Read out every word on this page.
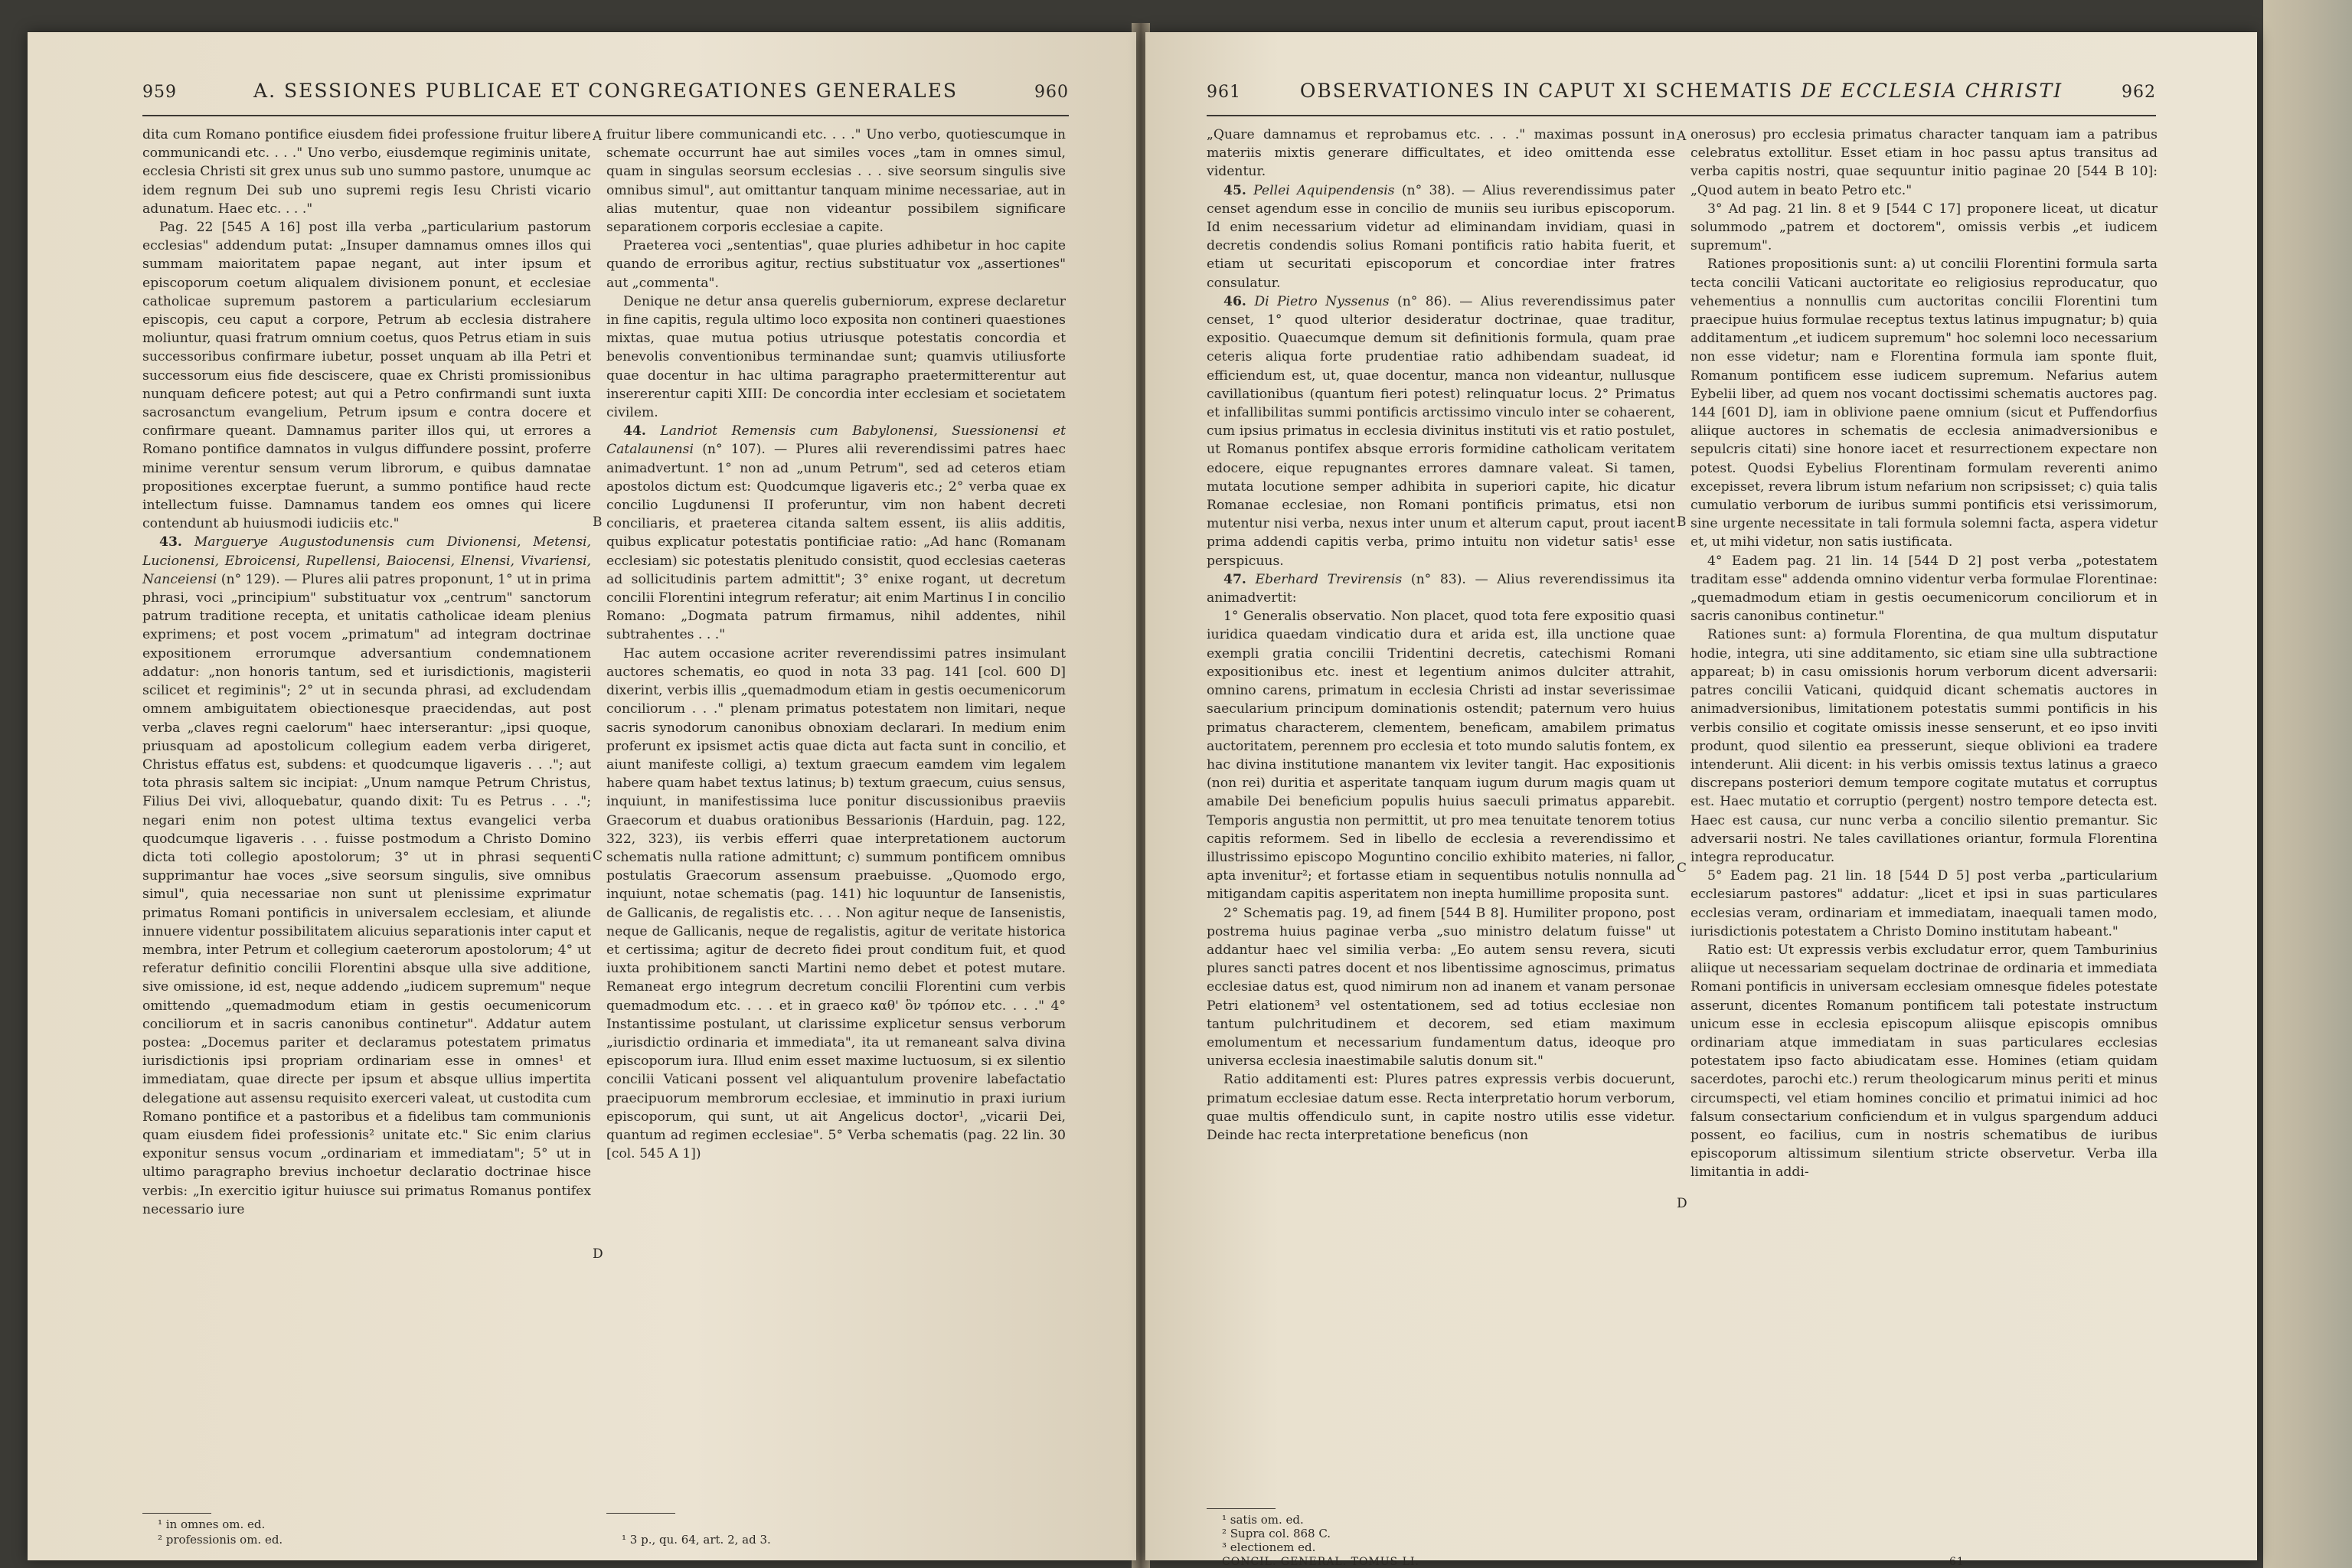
959	A. SESSIONES PUBLICAE ET CONGREGATIONES GENERALES	960

dita cum Romano pontifice eiusdem fidei professione fruitur libere communicandi etc. . . ." Uno verbo, eiusdemque regiminis unitate, ecclesia Christi sit grex unus sub uno summo pastore, unumque ac idem regnum Dei sub uno supremi regis Iesu Christi vicario adunatum. Haec etc. . . ."

Pag. 22 [545 A 16] post illa verba „particularium pastorum ecclesias" addendum putat: „Insuper damnamus omnes illos qui summam maioritatem papae negant, aut inter ipsum et episcoporum coetum aliqualem divisionem ponunt, et ecclesiae catholicae supremum pastorem a particularium ecclesiarum episcopis, ceu caput a corpore, Petrum ab ecclesia distrahere moliuntur, quasi fratrum omnium coetus, quos Petrus etiam in suis successoribus confirmare iubetur, posset unquam ab illa Petri et successorum eius fide desciscere, quae ex Christi promissionibus nunquam deficere potest; aut qui a Petro confirmandi sunt iuxta sacrosanctum evangelium, Petrum ipsum e contra docere et confirmare queant. Damnamus pariter illos qui, ut errores a Romano pontifice damnatos in vulgus diffundere possint, proferre minime verentur sensum verum librorum, e quibus damnatae propositiones excerptae fuerunt, a summo pontifice haud recte intellectum fuisse. Damnamus tandem eos omnes qui licere contendunt ab huiusmodi iudiciis etc."

43. Marguerye Augustodunensis cum Divionensi, Metensi, Lucionensi, Ebroicensi, Rupellensi, Baiocensi, Elnensi, Vivariensi, Nanceiensi (n° 129). — Plures alii patres proponunt, 1° ut in prima phrasi, voci „principium" substituatur vox „centrum" sanctorum patrum traditione recepta, et unitatis catholicae ideam plenius exprimens; et post vocem „primatum" ad integram doctrinae expositionem errorumque adversantium condemnationem addatur: „non honoris tantum, sed et iurisdictionis, magisterii scilicet et regiminis"; 2° ut in secunda phrasi, ad excludendam omnem ambiguitatem obiectionesque praecidendas, aut post verba „claves regni caelorum" haec interserantur: „ipsi quoque, priusquam ad apostolicum collegium eadem verba dirigeret, Christus effatus est, subdens: et quodcumque ligaveris . . ."; aut tota phrasis saltem sic incipiat: „Unum namque Petrum Christus, Filius Dei vivi, alloquebatur, quando dixit: Tu es Petrus . . ."; negari enim non potest ultima textus evangelici verba quodcumque ligaveris . . . fuisse postmodum a Christo Domino dicta toti collegio apostolorum; 3° ut in phrasi sequenti supprimantur hae voces „sive seorsum singulis, sive omnibus simul", quia necessariae non sunt ut plenissime exprimatur primatus Romani pontificis in universalem ecclesiam, et aliunde innuere videntur possibilitatem alicuius separationis inter caput et membra, inter Petrum et collegium caeterorum apostolorum; 4° ut referatur definitio concilii Florentini absque ulla sive additione, sive omissione, id est, neque addendo „iudicem supremum" neque omittendo „quemadmodum etiam in gestis oecumenicorum conciliorum et in sacris canonibus continetur". Addatur autem postea: „Docemus pariter et declaramus potestatem primatus iurisdictionis ipsi propriam ordinariam esse in omnes¹ et immediatam, quae directe per ipsum et absque ullius impertita delegatione aut assensu requisito exerceri valeat, ut custodita cum Romano pontifice et a pastoribus et a fidelibus tam communionis quam eiusdem fidei professionis² unitate etc." Sic enim clarius exponitur sensus vocum „ordinariam et immediatam"; 5° ut in ultimo paragrapho brevius inchoetur declaratio doctrinae hisce verbis: „In exercitio igitur huiusce sui primatus Romanus pontifex necessario iure

A
B
C
D

fruitur libere communicandi etc. . . ." Uno verbo, quotiescumque in schemate occurrunt hae aut similes voces „tam in omnes simul, quam in singulas seorsum ecclesias . . . sive seorsum singulis sive omnibus simul", aut omittantur tanquam minime necessariae, aut in alias mutentur, quae non videantur possibilem significare separationem corporis ecclesiae a capite.

Praeterea voci „sententias", quae pluries adhibetur in hoc capite quando de erroribus agitur, rectius substituatur vox „assertiones" aut „commenta".

Denique ne detur ansa querelis guberniorum, exprese declaretur in fine capitis, regula ultimo loco exposita non contineri quaestiones mixtas, quae mutua potius utriusque potestatis concordia et benevolis conventionibus terminandae sunt; quamvis utiliusforte quae docentur in hac ultima paragrapho praetermitterentur aut insererentur capiti XIII: De concordia inter ecclesiam et societatem civilem.

44. Landriot Remensis cum Babylonensi, Suessionensi et Catalaunensi (n° 107). — Plures alii reverendissimi patres haec animadvertunt. 1° non ad „unum Petrum", sed ad ceteros etiam apostolos dictum est: Quodcumque ligaveris etc.; 2° verba quae ex concilio Lugdunensi II proferuntur, vim non habent decreti conciliaris, et praeterea citanda saltem essent, iis aliis additis, quibus explicatur potestatis pontificiae ratio: „Ad hanc (Romanam ecclesiam) sic potestatis plenitudo consistit, quod ecclesias caeteras ad sollicitudinis partem admittit"; 3° enixe rogant, ut decretum concilii Florentini integrum referatur; ait enim Martinus I in concilio Romano: „Dogmata patrum firmamus, nihil addentes, nihil subtrahentes . . ."

Hac autem occasione acriter reverendissimi patres insimulant auctores schematis, eo quod in nota 33 pag. 141 [col. 600 D] dixerint, verbis illis „quemadmodum etiam in gestis oecumenicorum conciliorum . . ." plenam primatus potestatem non limitari, neque sacris synodorum canonibus obnoxiam declarari. In medium enim proferunt ex ipsismet actis quae dicta aut facta sunt in concilio, et aiunt manifeste colligi, a) textum graecum eamdem vim legalem habere quam habet textus latinus; b) textum graecum, cuius sensus, inquiunt, in manifestissima luce ponitur discussionibus praeviis Graecorum et duabus orationibus Bessarionis (Harduin, pag. 122, 322, 323), iis verbis efferri quae interpretationem auctorum schematis nulla ratione admittunt; c) summum pontificem omnibus postulatis Graecorum assensum praebuisse. „Quomodo ergo, inquiunt, notae schematis (pag. 141) hic loquuntur de Iansenistis, de Gallicanis, de regalistis etc. . . . Non agitur neque de Iansenistis, neque de Gallicanis, neque de regalistis, agitur de veritate historica et certissima; agitur de decreto fidei prout conditum fuit, et quod iuxta prohibitionem sancti Martini nemo debet et potest mutare. Remaneat ergo integrum decretum concilii Florentini cum verbis quemadmodum etc. . . . et in graeco καθ' ὃν τρόπον etc. . . ." 4° Instantissime postulant, ut clarissime explicetur sensus verborum „iurisdictio ordinaria et immediata", ita ut remaneant salva divina episcoporum iura. Illud enim esset maxime luctuosum, si ex silentio concilii Vaticani possent vel aliquantulum provenire labefactatio praecipuorum membrorum ecclesiae, et imminutio in praxi iurium episcoporum, qui sunt, ut ait Angelicus doctor¹, „vicarii Dei, quantum ad regimen ecclesiae". 5° Verba schematis (pag. 22 lin. 30 [col. 545 A 1])

¹ in omnes om. ed.
² professionis om. ed.	¹ 3 p., qu. 64, art. 2, ad 3.
961	OBSERVATIONES IN CAPUT XI SCHEMATIS DE ECCLESIA CHRISTI	962

„Quare damnamus et reprobamus etc. . . ." maximas possunt in materiis mixtis generare difficultates, et ideo omittenda esse videntur.

45. Pellei Aquipendensis (n° 38). — Alius reverendissimus pater censet agendum esse in concilio de muniis seu iuribus episcoporum. Id enim necessarium videtur ad eliminandam invidiam, quasi in decretis condendis solius Romani pontificis ratio habita fuerit, et etiam ut securitati episcoporum et concordiae inter fratres consulatur.

46. Di Pietro Nyssenus (n° 86). — Alius reverendissimus pater censet, 1° quod ulterior desideratur doctrinae, quae traditur, expositio. Quaecumque demum sit definitionis formula, quam prae ceteris aliqua forte prudentiae ratio adhibendam suadeat, id efficiendum est, ut, quae docentur, manca non videantur, nullusque cavillationibus (quantum fieri potest) relinquatur locus. 2° Primatus et infallibilitas summi pontificis arctissimo vinculo inter se cohaerent, cum ipsius primatus in ecclesia divinitus instituti vis et ratio postulet, ut Romanus pontifex absque erroris formidine catholicam veritatem edocere, eique repugnantes errores damnare valeat. Si tamen, mutata locutione semper adhibita in superiori capite, hic dicatur Romanae ecclesiae, non Romani pontificis primatus, etsi non mutentur nisi verba, nexus inter unum et alterum caput, prout iacent prima addendi capitis verba, primo intuitu non videtur satis¹ esse perspicuus.

47. Eberhard Trevirensis (n° 83). — Alius reverendissimus ita animadvertit:

1° Generalis observatio. Non placet, quod tota fere expositio quasi iuridica quaedam vindicatio dura et arida est, illa unctione quae exempli gratia concilii Tridentini decretis, catechismi Romani expositionibus etc. inest et legentium animos dulciter attrahit, omnino carens, primatum in ecclesia Christi ad instar severissimae saecularium principum dominationis ostendit; paternum vero huius primatus characterem, clementem, beneficam, amabilem primatus auctoritatem, perennem pro ecclesia et toto mundo salutis fontem, ex hac divina institutione manantem vix leviter tangit. Hac expositionis (non rei) duritia et asperitate tanquam iugum durum magis quam ut amabile Dei beneficium populis huius saeculi primatus apparebit. Temporis angustia non permittit, ut pro mea tenuitate tenorem totius capitis reformem. Sed in libello de ecclesia a reverendissimo et illustrissimo episcopo Moguntino concilio exhibito materies, ni fallor, apta invenitur²; et fortasse etiam in sequentibus notulis nonnulla ad mitigandam capitis asperitatem non inepta humillime proposita sunt.

2° Schematis pag. 19, ad finem [544 B 8]. Humiliter propono, post postrema huius paginae verba „suo ministro delatum fuisse" ut addantur haec vel similia verba: „Eo autem sensu revera, sicuti plures sancti patres docent et nos libentissime agnoscimus, primatus ecclesiae datus est, quod nimirum non ad inanem et vanam personae Petri elationem³ vel ostentationem, sed ad totius ecclesiae non tantum pulchritudinem et decorem, sed etiam maximum emolumentum et necessarium fundamentum datus, ideoque pro universa ecclesia inaestimabile salutis donum sit."

Ratio additamenti est: Plures patres expressis verbis docuerunt, primatum ecclesiae datum esse. Recta interpretatio horum verborum, quae multis offendiculo sunt, in capite nostro utilis esse videtur. Deinde hac recta interpretatione beneficus (non

A
B
C
D

onerosus) pro ecclesia primatus character tanquam iam a patribus celebratus extollitur. Esset etiam in hoc passu aptus transitus ad verba capitis nostri, quae sequuntur initio paginae 20 [544 B 10]: „Quod autem in beato Petro etc."

3° Ad pag. 21 lin. 8 et 9 [544 C 17] proponere liceat, ut dicatur solummodo „patrem et doctorem", omissis verbis „et iudicem supremum".

Rationes propositionis sunt: a) ut concilii Florentini formula sarta tecta concilii Vaticani auctoritate eo religiosius reproducatur, quo vehementius a nonnullis cum auctoritas concilii Florentini tum praecipue huius formulae receptus textus latinus impugnatur; b) quia additamentum „et iudicem supremum" hoc solemni loco necessarium non esse videtur; nam e Florentina formula iam sponte fluit, Romanum pontificem esse iudicem supremum. Nefarius autem Eybelii liber, ad quem nos vocant doctissimi schematis auctores pag. 144 [601 D], iam in oblivione paene omnium (sicut et Puffendorfius aliique auctores in schematis de ecclesia animadversionibus e sepulcris citati) sine honore iacet et resurrectionem expectare non potest. Quodsi Eybelius Florentinam formulam reverenti animo excepisset, revera librum istum nefarium non scripsisset; c) quia talis cumulatio verborum de iuribus summi pontificis etsi verissimorum, sine urgente necessitate in tali formula solemni facta, aspera videtur et, ut mihi videtur, non satis iustificata.

4° Eadem pag. 21 lin. 14 [544 D 2] post verba „potestatem traditam esse" addenda omnino videntur verba formulae Florentinae: „quemadmodum etiam in gestis oecumenicorum conciliorum et in sacris canonibus continetur."

Rationes sunt: a) formula Florentina, de qua multum disputatur hodie, integra, uti sine additamento, sic etiam sine ulla subtractione appareat; b) in casu omissionis horum verborum dicent adversarii: patres concilii Vaticani, quidquid dicant schematis auctores in animadversionibus, limitationem potestatis summi pontificis in his verbis consilio et cogitate omissis inesse senserunt, et eo ipso inviti produnt, quod silentio ea presserunt, sieque oblivioni ea tradere intenderunt. Alii dicent: in his verbis omissis textus latinus a graeco discrepans posteriori demum tempore cogitate mutatus et corruptus est. Haec mutatio et corruptio (pergent) nostro tempore detecta est. Haec est causa, cur nunc verba a concilio silentio premantur. Sic adversarii nostri. Ne tales cavillationes oriantur, formula Florentina integra reproducatur.

5° Eadem pag. 21 lin. 18 [544 D 5] post verba „particularium ecclesiarum pastores" addatur: „licet et ipsi in suas particulares ecclesias veram, ordinariam et immediatam, inaequali tamen modo, iurisdictionis potestatem a Christo Domino institutam habeant."

Ratio est: Ut expressis verbis excludatur error, quem Tamburinius aliique ut necessariam sequelam doctrinae de ordinaria et immediata Romani pontificis in universam ecclesiam omnesque fideles potestate asserunt, dicentes Romanum pontificem tali potestate instructum unicum esse in ecclesia episcopum aliisque episcopis omnibus ordinariam atque immediatam in suas particulares ecclesias potestatem ipso facto abiudicatam esse. Homines (etiam quidam sacerdotes, parochi etc.) rerum theologicarum minus periti et minus circumspecti, vel etiam homines concilio et primatui inimici ad hoc falsum consectarium conficiendum et in vulgus spargendum adduci possent, eo facilius, cum in nostris schematibus de iuribus episcoporum altissimum silentium stricte observetur. Verba illa limitantia in addi-

¹ satis om. ed.
² Supra col. 868 C.
³ electionem ed.
CONCIL. GENERAL. TOMUS LI.	61
